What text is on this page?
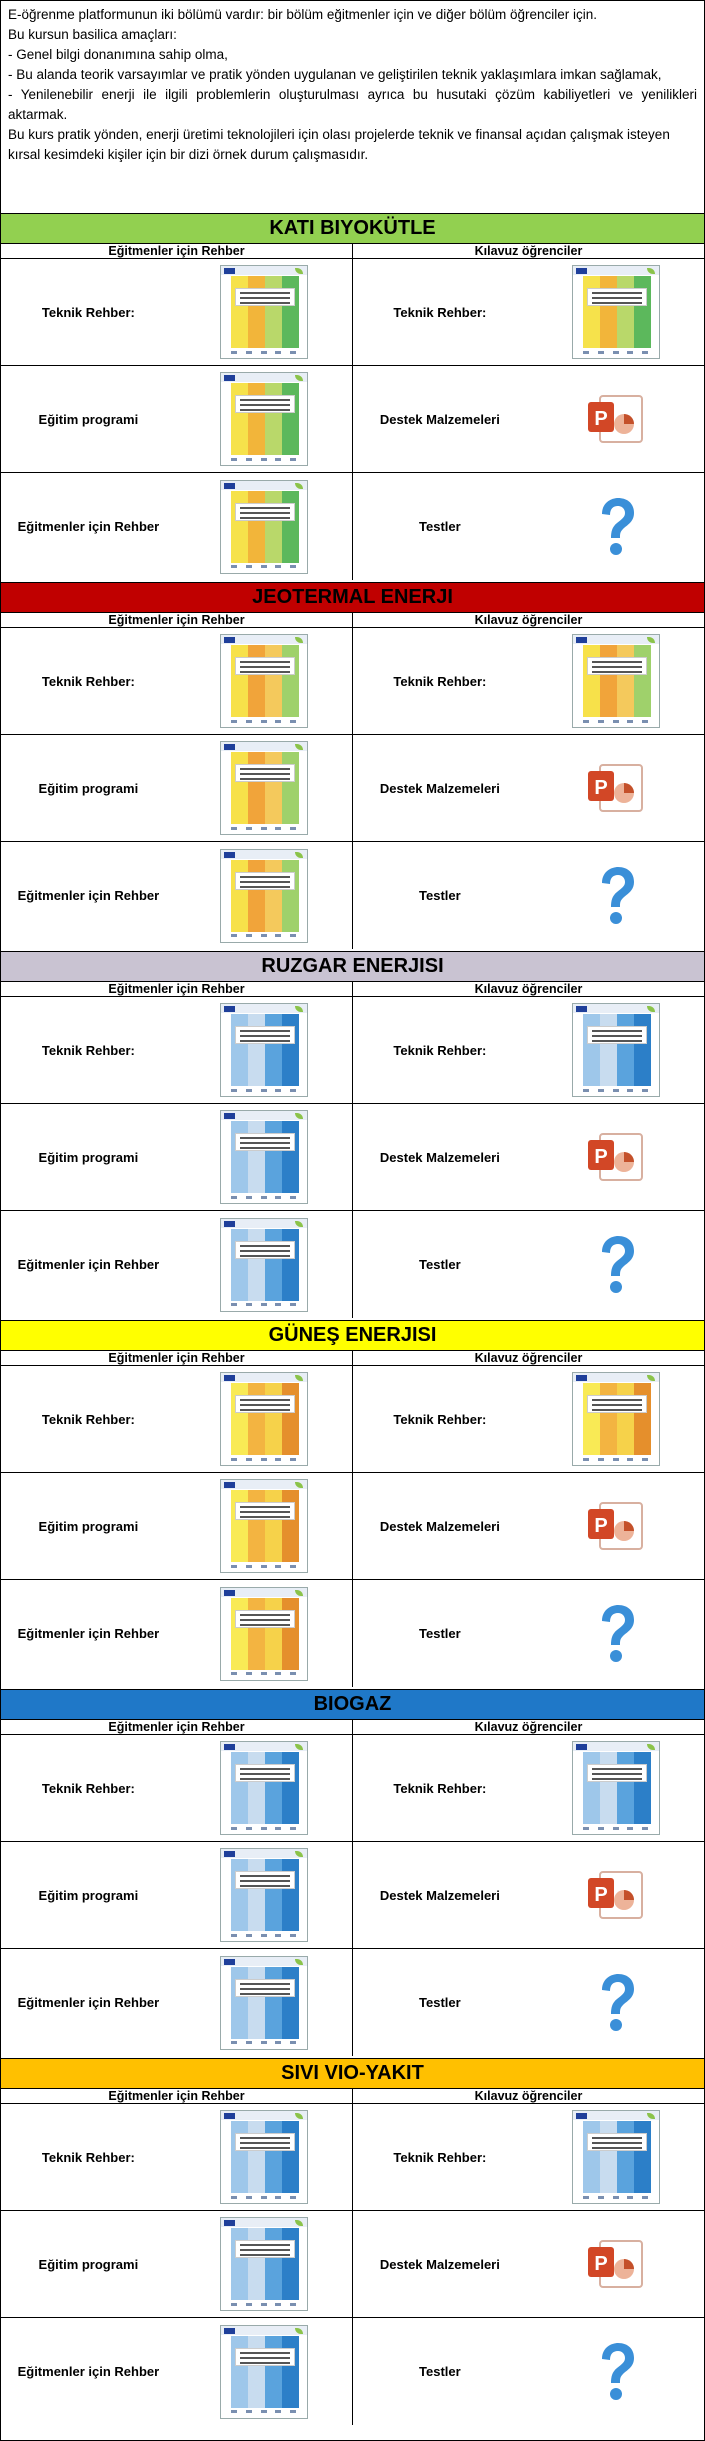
E-öğrenme platformunun iki bölümü vardır: bir bölüm eğitmenler için ve diğer bölüm öğrenciler için.

Bu kursun basilica amaçları:

- Genel bilgi donanımına sahip olma,

- Bu alanda teorik varsayımlar ve pratik yönden uygulanan ve geliştirilen teknik yaklaşımlara imkan sağlamak,

- Yenilenebilir enerji ile ilgili problemlerin oluşturulması ayrıca bu husutaki çözüm kabiliyetleri ve yenilikleri aktarmak.

Bu kurs pratik yönden, enerji üretimi teknolojileri için olası projelerde teknik ve finansal açıdan çalışmak isteyen kırsal kesimdeki kişiler için bir dizi örnek durum çalışmasıdır.

KATI BIYOKÜTLE
Eğitmenler için Rehber	Kılavuz öğrenciler
Teknik Rehber:	Teknik Rehber:
Eğitim programi	Destek Malzemeleri	P
Eğitmenler için Rehber	Testler
JEOTERMAL ENERJI
Eğitmenler için Rehber	Kılavuz öğrenciler
Teknik Rehber:	Teknik Rehber:
Eğitim programi	Destek Malzemeleri	P
Eğitmenler için Rehber	Testler
RUZGAR ENERJISI
Eğitmenler için Rehber	Kılavuz öğrenciler
Teknik Rehber:	Teknik Rehber:
Eğitim programi	Destek Malzemeleri	P
Eğitmenler için Rehber	Testler
GÜNEŞ ENERJISI
Eğitmenler için Rehber	Kılavuz öğrenciler
Teknik Rehber:	Teknik Rehber:
Eğitim programi	Destek Malzemeleri	P
Eğitmenler için Rehber	Testler
BIOGAZ
Eğitmenler için Rehber	Kılavuz öğrenciler
Teknik Rehber:	Teknik Rehber:
Eğitim programi	Destek Malzemeleri	P
Eğitmenler için Rehber	Testler
SIVI VIO-YAKIT
Eğitmenler için Rehber	Kılavuz öğrenciler
Teknik Rehber:	Teknik Rehber:
Eğitim programi	Destek Malzemeleri	P
Eğitmenler için Rehber	Testler
